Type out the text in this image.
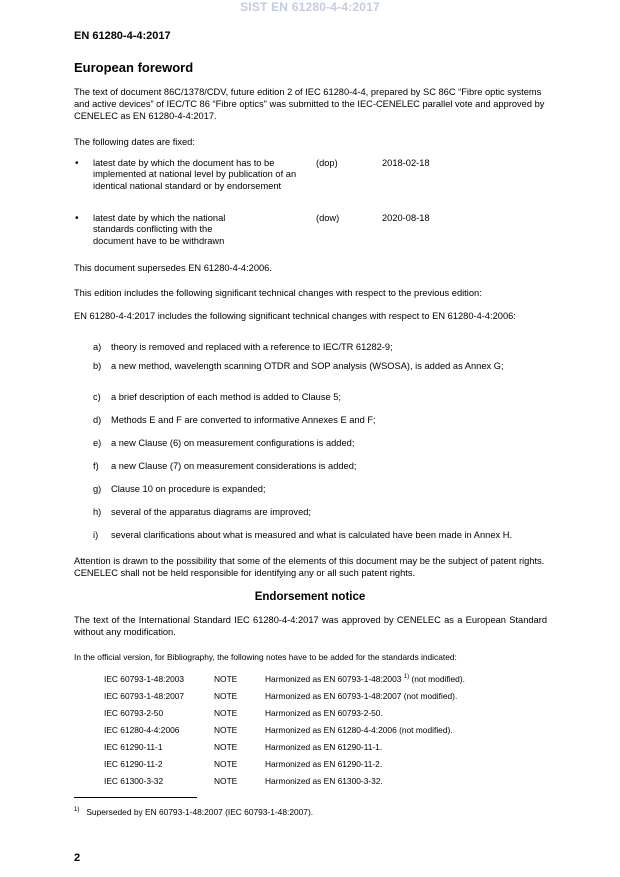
SIST EN 61280-4-4:2017
EN 61280-4-4:2017
European foreword
The text of document 86C/1378/CDV, future edition 2 of IEC 61280-4-4, prepared by SC 86C “Fibre optic systems and active devices” of IEC/TC 86 “Fibre optics" was submitted to the IEC-CENELEC parallel vote and approved by CENELEC as EN 61280-4-4:2017.
The following dates are fixed:
• latest date by which the document has to be implemented at national level by publication of an identical national standard or by endorsement
(dop)	2018-02-18
• latest date by which the national standards conflicting with the document have to be withdrawn
(dow)	2020-08-18
This document supersedes EN 61280-4-4:2006.
This edition includes the following significant technical changes with respect to the previous edition:
EN 61280-4-4:2017 includes the following significant technical changes with respect to EN 61280-4-4:2006:
a) theory is removed and replaced with a reference to IEC/TR 61282-9;
b) a new method, wavelength scanning OTDR and SOP analysis (WSOSA), is added as Annex G;
c) a brief description of each method is added to Clause 5;
d) Methods E and F are converted to informative Annexes E and F;
e) a new Clause (6) on measurement configurations is added;
f) a new Clause (7) on measurement considerations is added;
g) Clause 10 on procedure is expanded;
h) several of the apparatus diagrams are improved;
i) several clarifications about what is measured and what is calculated have been made in Annex H.
Attention is drawn to the possibility that some of the elements of this document may be the subject of patent rights. CENELEC shall not be held responsible for identifying any or all such patent rights.
Endorsement notice
The text of the International Standard IEC 61280-4-4:2017 was approved by CENELEC as a European Standard without any modification.
In the official version, for Bibliography, the following notes have to be added for the standards indicated:
IEC 60793-1-48:2003	NOTE	Harmonized as EN 60793-1-48:2003 $^{1)}$ (not modified).
IEC 60793-1-48:2007	NOTE	Harmonized as EN 60793-1-48:2007 (not modified).
IEC 60793-2-50	NOTE	Harmonized as EN 60793-2-50.
IEC 61280-4-4:2006	NOTE	Harmonized as EN 61280-4-4:2006 (not modified).
IEC 61290-11-1	NOTE	Harmonized as EN 61290-11-1.
IEC 61290-11-2	NOTE	Harmonized as EN 61290-11-2.
IEC 61300-3-32	NOTE	Harmonized as EN 61300-3-32.
$^{1)}$ Superseded by EN 60793-1-48:2007 (IEC 60793-1-48:2007).
2
